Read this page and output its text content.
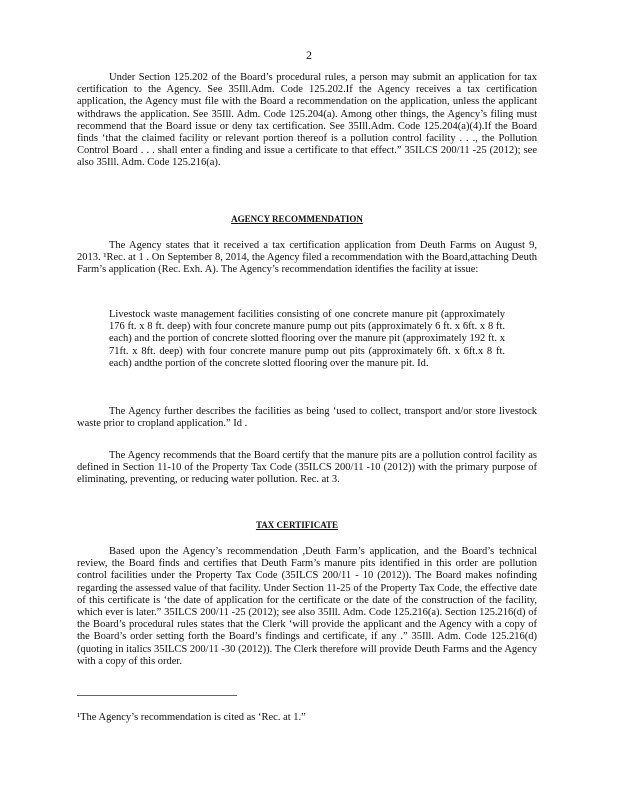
2

Under Section 125.202 of the Board’s procedural rules, a person may submit an application for tax certification to the Agency. See 35Ill.Adm. Code 125.202.If the Agency receives a tax certification application, the Agency must file with the Board a recommendation on the application, unless the applicant withdraws the application. See 35Ill. Adm. Code 125.204(a). Among other things, the Agency’s filing must recommend that the Board issue or deny tax certification. See 35Ill.Adm. Code 125.204(a)(4).If the Board finds ‘that the claimed facility or relevant portion thereof is a pollution control facility . . ., the Pollution Control Board . . . shall enter a finding and issue a certificate to that effect.” 35ILCS 200/11 -25 (2012); see also 35Ill. Adm. Code 125.216(a).

AGENCY RECOMMENDATION

The Agency states that it received a tax certification application from Deuth Farms on August 9, 2013. ¹Rec. at 1 . On September 8, 2014, the Agency filed a recommendation with the Board,attaching Deuth Farm’s application (Rec. Exh. A). The Agency’s recommendation identifies the facility at issue:

Livestock waste management facilities consisting of one concrete manure pit (approximately 176 ft. x 8 ft. deep) with four concrete manure pump out pits (approximately 6 ft. x 6ft. x 8 ft. each) and the portion of concrete slotted flooring over the manure pit (approximately 192 ft. x 71ft. x 8ft. deep) with four concrete manure pump out pits (approximately 6ft. x 6ft.x 8 ft. each) andthe portion of the concrete slotted flooring over the manure pit. Id.

The Agency further describes the facilities as being ‘used to collect, transport and/or store livestock waste prior to cropland application.” Id .

The Agency recommends that the Board certify that the manure pits are a pollution control facility as defined in Section 11-10 of the Property Tax Code (35ILCS 200/11 -10 (2012)) with the primary purpose of eliminating, preventing, or reducing water pollution. Rec. at 3.

TAX CERTIFICATE

Based upon the Agency’s recommendation ,Deuth Farm’s application, and the Board’s technical review, the Board finds and certifies that Deuth Farm’s manure pits identified in this order are pollution control facilities under the Property Tax Code (35ILCS 200/11 - 10 (2012)). The Board makes nofinding regarding the assessed value of that facility. Under Section 11-25 of the Property Tax Code, the effective date of this certificate is ‘the date of application for the certificate or the date of the construction of the facility, which ever is later.” 35ILCS 200/11 -25 (2012); see also 35Ill. Adm. Code 125.216(a). Section 125.216(d) of the Board’s procedural rules states that the Clerk ‘will provide the applicant and the Agency with a copy of the Board’s order setting forth the Board’s findings and certificate, if any .” 35Ill. Adm. Code 125.216(d) (quoting in italics 35ILCS 200/11 -30 (2012)). The Clerk therefore will provide Deuth Farms and the Agency with a copy of this order.

¹The Agency’s recommendation is cited as ‘Rec. at 1.”
